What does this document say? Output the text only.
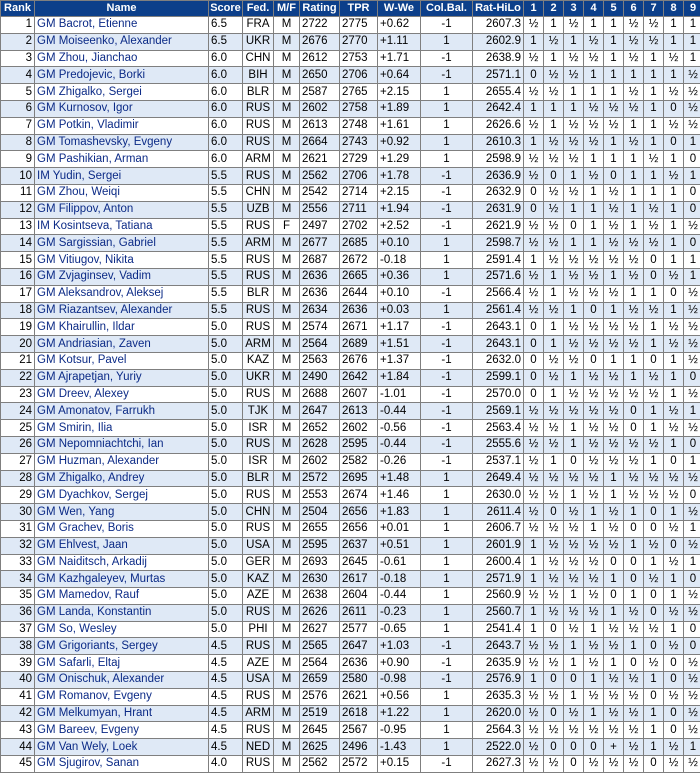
Rank	Name	Score	Fed.	M/F	Rating	TPR	W-We	Col.Bal.	Rat-HiLo	1	2	3	4	5	6	7	8	9
1	GM Bacrot, Etienne	6.5	FRA	M	2722	2775	+0.62	-1	2607.3	½	1	½	1	1	½	½	1	1
2	GM Moiseenko, Alexander	6.5	UKR	M	2676	2770	+1.11	1	2602.9	1	½	1	½	1	½	½	1	1
3	GM Zhou, Jianchao	6.0	CHN	M	2612	2753	+1.71	-1	2638.9	½	1	½	½	1	½	1	½	1
4	GM Predojevic, Borki	6.0	BIH	M	2650	2706	+0.64	-1	2571.1	0	½	½	1	1	1	1	1	½
5	GM Zhigalko, Sergei	6.0	BLR	M	2587	2765	+2.15	1	2655.4	½	½	1	1	1	½	1	½	½
6	GM Kurnosov, Igor	6.0	RUS	M	2602	2758	+1.89	1	2642.4	1	1	1	½	½	½	1	0	½
7	GM Potkin, Vladimir	6.0	RUS	M	2613	2748	+1.61	1	2626.6	½	1	½	½	½	1	1	½	½
8	GM Tomashevsky, Evgeny	6.0	RUS	M	2664	2743	+0.92	1	2610.3	1	½	½	½	1	½	1	0	1
9	GM Pashikian, Arman	6.0	ARM	M	2621	2729	+1.29	1	2598.9	½	½	½	1	1	1	½	1	0
10	IM Yudin, Sergei	5.5	RUS	M	2562	2706	+1.78	-1	2636.9	½	0	1	½	0	1	1	½	1
11	GM Zhou, Weiqi	5.5	CHN	M	2542	2714	+2.15	-1	2632.9	0	½	½	1	½	1	1	1	0
12	GM Filippov, Anton	5.5	UZB	M	2556	2711	+1.94	-1	2631.9	0	½	1	1	½	1	½	1	0
13	IM Kosintseva, Tatiana	5.5	RUS	F	2497	2702	+2.52	-1	2621.9	½	½	0	1	½	1	½	1	½
14	GM Sargissian, Gabriel	5.5	ARM	M	2677	2685	+0.10	1	2598.7	½	½	1	1	½	½	½	1	0
15	GM Vitiugov, Nikita	5.5	RUS	M	2687	2672	-0.18	1	2591.4	1	½	½	½	½	½	0	1	1
16	GM Zvjaginsev, Vadim	5.5	RUS	M	2636	2665	+0.36	1	2571.6	½	1	½	½	1	½	0	½	1
17	GM Aleksandrov, Aleksej	5.5	BLR	M	2636	2644	+0.10	-1	2566.4	½	1	½	½	½	1	1	0	½
18	GM Riazantsev, Alexander	5.5	RUS	M	2634	2636	+0.03	1	2561.4	½	½	1	0	1	½	½	1	½
19	GM Khairullin, Ildar	5.0	RUS	M	2574	2671	+1.17	-1	2643.1	0	1	½	½	½	½	1	½	½
20	GM Andriasian, Zaven	5.0	ARM	M	2564	2689	+1.51	-1	2643.1	0	1	½	½	½	½	1	½	½
21	GM Kotsur, Pavel	5.0	KAZ	M	2563	2676	+1.37	-1	2632.0	0	½	½	0	1	1	0	1	½
22	GM Ajrapetjan, Yuriy	5.0	UKR	M	2490	2642	+1.84	-1	2599.1	0	½	1	½	½	1	½	1	0
23	GM Dreev, Alexey	5.0	RUS	M	2688	2607	-1.01	-1	2570.0	0	1	½	½	½	½	½	1	½
24	GM Amonatov, Farrukh	5.0	TJK	M	2647	2613	-0.44	-1	2569.1	½	½	½	½	½	0	1	½	1
25	GM Smirin, Ilia	5.0	ISR	M	2652	2602	-0.56	-1	2563.4	½	½	1	½	½	0	1	½	½
26	GM Nepomniachtchi, Ian	5.0	RUS	M	2628	2595	-0.44	-1	2555.6	½	½	1	½	½	½	½	1	0
27	GM Huzman, Alexander	5.0	ISR	M	2602	2582	-0.26	-1	2537.1	½	1	0	½	½	½	1	0	1
28	GM Zhigalko, Andrey	5.0	BLR	M	2572	2695	+1.48	1	2649.4	½	½	½	½	1	½	½	½	½
29	GM Dyachkov, Sergej	5.0	RUS	M	2553	2674	+1.46	1	2630.0	½	½	1	½	1	½	½	½	0
30	GM Wen, Yang	5.0	CHN	M	2504	2656	+1.83	1	2611.4	½	0	½	1	½	1	0	1	½
31	GM Grachev, Boris	5.0	RUS	M	2655	2656	+0.01	1	2606.7	½	½	½	1	½	0	0	½	1
32	GM Ehlvest, Jaan	5.0	USA	M	2595	2637	+0.51	1	2601.9	1	½	½	½	½	1	½	0	½
33	GM Naiditsch, Arkadij	5.0	GER	M	2693	2645	-0.61	1	2600.4	1	½	½	½	0	0	1	½	1
34	GM Kazhgaleyev, Murtas	5.0	KAZ	M	2630	2617	-0.18	1	2571.9	1	½	½	½	1	0	½	1	0
35	GM Mamedov, Rauf	5.0	AZE	M	2638	2604	-0.44	1	2560.9	½	½	1	½	0	1	0	1	½
36	GM Landa, Konstantin	5.0	RUS	M	2626	2611	-0.23	1	2560.7	1	½	½	½	1	½	0	½	½
37	GM So, Wesley	5.0	PHI	M	2627	2577	-0.65	1	2541.4	1	0	½	1	½	½	½	1	0
38	GM Grigoriants, Sergey	4.5	RUS	M	2565	2647	+1.03	-1	2643.7	½	½	1	½	½	1	0	½	0
39	GM Safarli, Eltaj	4.5	AZE	M	2564	2636	+0.90	-1	2635.9	½	½	1	½	1	0	½	0	½
40	GM Onischuk, Alexander	4.5	USA	M	2659	2580	-0.98	-1	2576.9	1	0	0	1	½	½	1	0	½
41	GM Romanov, Evgeny	4.5	RUS	M	2576	2621	+0.56	1	2635.3	½	½	1	½	½	½	0	½	½
42	GM Melkumyan, Hrant	4.5	ARM	M	2519	2618	+1.22	1	2620.0	½	0	½	1	½	½	1	0	½
43	GM Bareev, Evgeny	4.5	RUS	M	2645	2567	-0.95	1	2564.3	½	½	½	½	½	½	1	0	½
44	GM Van Wely, Loek	4.5	NED	M	2625	2496	-1.43	1	2522.0	½	0	0	0	+	½	1	½	1
45	GM Sjugirov, Sanan	4.0	RUS	M	2562	2572	+0.15	-1	2627.3	½	½	0	½	½	½	0	½	½
